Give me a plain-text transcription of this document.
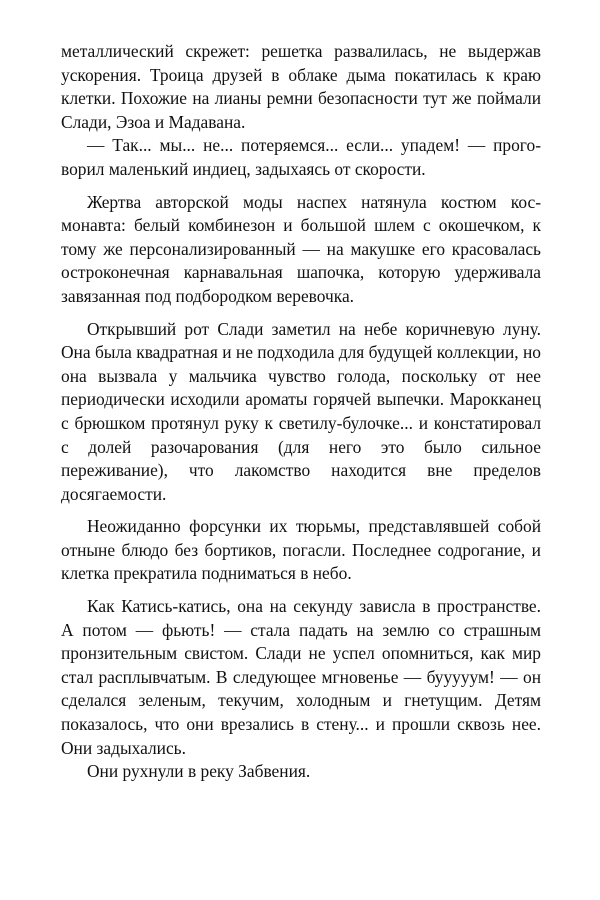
металлический скрежет: решетка развалилась, не выдержав ускорения. Троица друзей в облаке дыма покатилась к краю клетки. Похожие на лианы ремни безопасности тут же поймали Слади, Эзоа и Мадавана.

— Так... мы... не... потеряемся... если... упадем! — проговорил маленький индиец, задыхаясь от скорости.

Жертва авторской моды наспех натянула костюм космонавта: белый комбинезон и большой шлем с окошечком, к тому же персонализированный — на макушке его красовалась остроконечная карнавальная шапочка, которую удерживала завязанная под подбородком веревочка.

Открывший рот Слади заметил на небе коричневую луну. Она была квадратная и не подходила для будущей коллекции, но она вызвала у мальчика чувство голода, поскольку от нее периодически исходили ароматы горячей выпечки. Марокканец с брюшком протянул руку к светилу-булочке... и констатировал с долей разочарования (для него это было сильное переживание), что лакомство находится вне пределов досягаемости.

Неожиданно форсунки их тюрьмы, представлявшей собой отныне блюдо без бортиков, погасли. Последнее содрогание, и клетка прекратила подниматься в небо.

Как Катись-катись, она на секунду зависла в пространстве. А потом — фьють! — стала падать на землю со страшным пронзительным свистом. Слади не успел опомниться, как мир стал расплывчатым. В следующее мгновенье — бууууум! — он сделался зеленым, текучим, холодным и гнетущим. Детям показалось, что они врезались в стену... и прошли сквозь нее. Они задыхались.

Они рухнули в реку Забвения.
